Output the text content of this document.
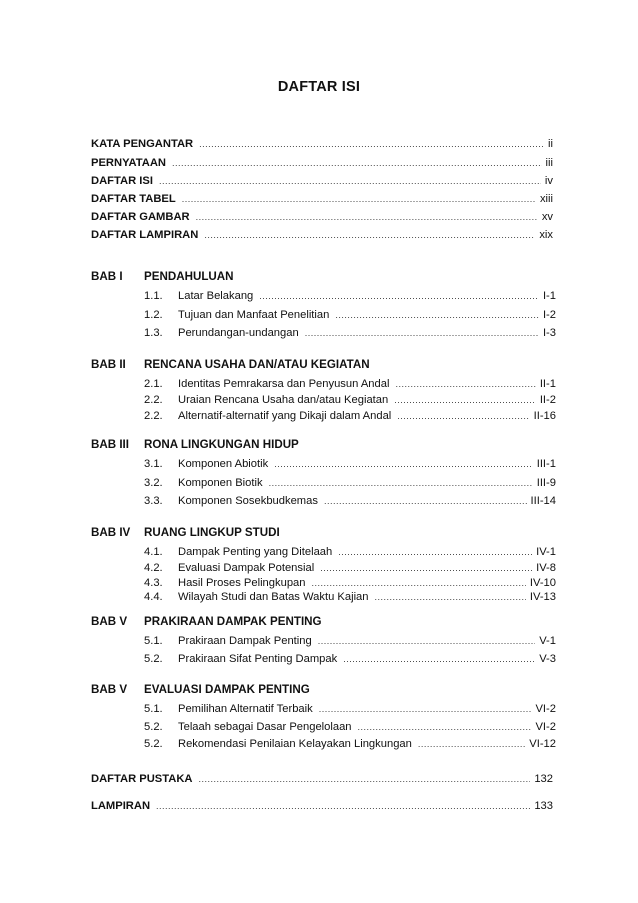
DAFTAR ISI
KATA PENGANTAR .....	ii
PERNYATAAN .....	iii
DAFTAR ISI .....	iv
DAFTAR TABEL .....	xiii
DAFTAR GAMBAR .....	xv
DAFTAR LAMPIRAN .....	xix
BAB I PENDAHULUAN
1.1.	Latar Belakang .....	I-1
1.2.	Tujuan dan Manfaat Penelitian .....	I-2
1.3.	Perundangan-undangan .....	I-3
BAB II RENCANA USAHA DAN/ATAU KEGIATAN
2.1.	Identitas Pemrakarsa dan Penyusun Andal .....	II-1
2.2.	Uraian Rencana Usaha dan/atau Kegiatan .....	II-2
2.2.	Alternatif-alternatif yang Dikaji dalam Andal .....	II-16
BAB III RONA LINGKUNGAN HIDUP
3.1.	Komponen Abiotik .....	III-1
3.2.	Komponen Biotik .....	III-9
3.3.	Komponen Sosekbudkemas .....	III-14
BAB IV RUANG LINGKUP STUDI
4.1.	Dampak Penting yang Ditelaah .....	IV-1
4.2.	Evaluasi Dampak Potensial .....	IV-8
4.3.	Hasil Proses Pelingkupan .....	IV-10
4.4.	Wilayah Studi dan Batas Waktu Kajian .....	IV-13
BAB V PRAKIRAAN DAMPAK PENTING
5.1.	Prakiraan Dampak Penting .....	V-1
5.2.	Prakiraan Sifat Penting Dampak .....	V-3
BAB V EVALUASI DAMPAK PENTING
5.1.	Pemilihan Alternatif Terbaik .....	VI-2
5.2.	Telaah sebagai Dasar Pengelolaan .....	VI-2
5.2.	Rekomendasi Penilaian Kelayakan Lingkungan .....	VI-12
DAFTAR PUSTAKA .....	132
LAMPIRAN .....	133
